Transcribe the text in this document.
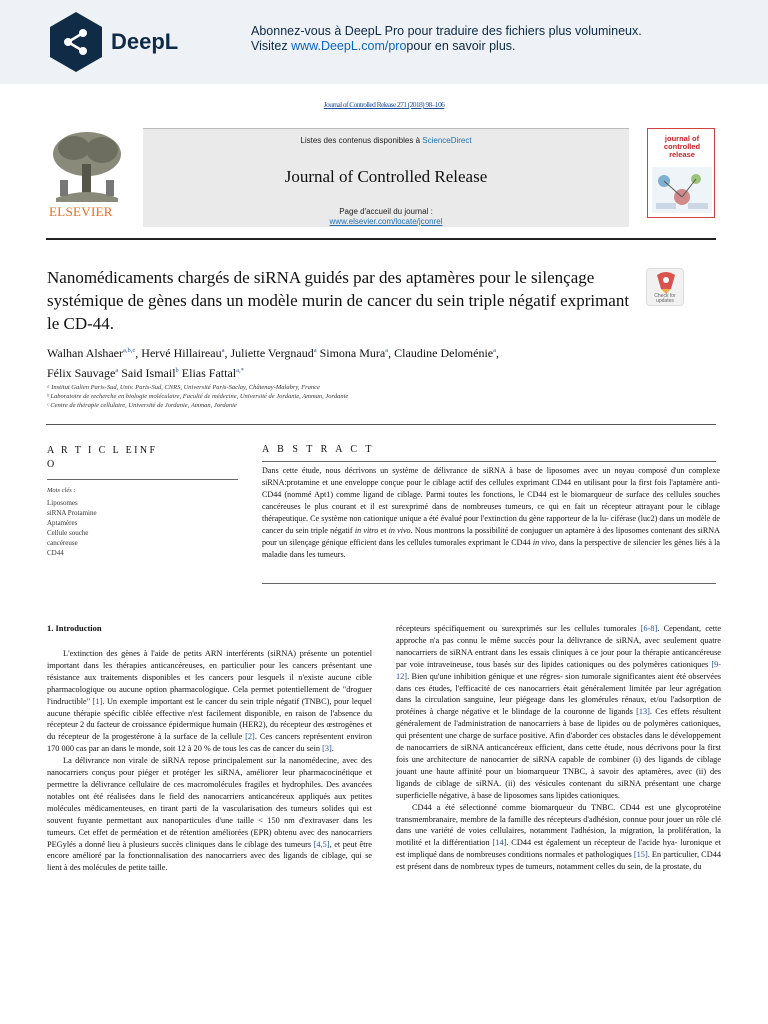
DeepL	Abonnez-vous à DeepL Pro pour traduire des fichiers plus volumineux.
Visitez www.DeepL.com/propour en savoir plus.
Journal of Controlled Release 271 (2018) 98–106
ELSEVIER
Listes des contenus disponibles à ScienceDirect
Journal of Controlled Release
Page d'accueil du journal :
www.elsevier.com/locate/jconrel
journal of controlled release
Nanomédicaments chargés de siRNA guidés par des aptamères pour le silençage systémique de gènes dans un modèle murin de cancer du sein triple négatif exprimant le CD-44.
Check for updates
Walhan Alshaer$^{a,b,c}$, Hervé Hillaireau$^a$, Juliette Vergnaud$^a$ Simona Mura$^a$, Claudine Deloménie$^a$,
Félix Sauvage$^a$ Said Ismail$^b$ Elias Fattal$^{a,*}$
ᵃ Institut Galien Paris-Sud, Univ. Paris-Sud, CNRS, Université Paris-Saclay, Châtenay-Malabry, France
ᵇ Laboratoire de recherche en biologie moléculaire, Faculté de médecine, Université de Jordanie, Amman, Jordanie
ᶜ Centre de thérapie cellulaire, Université de Jordanie, Amman, Jordanie
A R T I C L EINF O
Mots clés :
Liposomes
siRNA Protamine
Aptamères
Cellule souche
cancéreuse
CD44
A B S T R A C T
Dans cette étude, nous décrivons un système de délivrance de siRNA à base de liposomes avec un noyau composé d'un complexe siRNA:protamine et une enveloppe conçue pour le ciblage actif des cellules exprimant CD44 en utilisant pour la first fois l'aptamère anti-CD44 (nommé Apt1) comme ligand de ciblage. Parmi toutes les fonctions, le CD44 est le biomarqueur de surface des cellules souches cancéreuses le plus courant et il est surexprimé dans de nombreuses tumeurs, ce qui en fait un récepteur attrayant pour le ciblage thérapeutique. Ce système non cationique unique a été évalué pour l'extinction du gène rapporteur de la lu- ciférase (luc2) dans un modèle de cancer du sein triple négatif in vitro et in vivo. Nous montrons la possibilité de conjuguer un aptamère à des liposomes contenant des siRNA pour un silençage génique efficient dans les cellules tumorales exprimant le CD44 in vivo, dans la perspective de silencier les gènes liés à la maladie dans les tumeurs.
1. Introduction

L'extinction des gènes à l'aide de petits ARN interférents (siRNA) présente un potentiel important dans les thérapies anticancéreuses, en particulier pour les cancers présentant une résistance aux traitements disponibles et les cancers pour lesquels il n'existe aucune cible pharmacologique ou aucune option pharmacologique. Cela permet potentiellement de "droguer l'indructible" [1]. Un exemple important est le cancer du sein triple négatif (TNBC), pour lequel aucune thérapie spécific ciblée effective n'est facilement disponible, en raison de l'absence du récepteur 2 du facteur de croissance épidermique humain (HER2), du récepteur des œstrogènes et du récepteur de la progestérone à la surface de la cellule [2]. Ces cancers représentent environ 170 000 cas par an dans le monde, soit 12 à 20 % de tous les cas de cancer du sein [3].

La délivrance non virale de siRNA repose principalement sur la nanomédecine, avec des nanocarriers conçus pour piéger et protéger les siRNA, améliorer leur pharmacocinétique et permettre la délivrance cellulaire de ces macromolécules fragiles et hydrophiles. Des avancées notables ont été réalisées dans le field des nanocarriers anticancéreux appliqués aux petites molécules médicamenteuses, en tirant parti de la vascularisation des tumeurs solides qui est souvent fuyante permettant aux nanoparticules d'une taille < 150 nm d'extravaser dans les tumeurs. Cet effet de perméation et de rétention améliorées (EPR) obtenu avec des nanocarriers PEGylés a donné lieu à plusieurs succès cliniques dans le ciblage des tumeurs [4,5], et peut être encore amélioré par la fonctionnalisation des nanocarriers avec des ligands de ciblage, qui se lient à des molécules de petite taille.

récepteurs spécifiquement ou surexprimés sur les cellules tumorales [6-8]. Cependant, cette approche n'a pas connu le même succès pour la délivrance de siRNA, avec seulement quatre nanocarriers de siRNA entrant dans les essais cliniques à ce jour pour la thérapie anticancéreuse par voie intraveineuse, tous basés sur des lipides cationiques ou des polymères cationiques [9-12]. Bien qu'une inhibition génique et une régres- sion tumorale significantes aient été observées dans ces études, l'efficacité de ces nanocarriers était généralement limitée par leur agrégation dans la circulation sanguine, leur piégeage dans les glomérules rénaux, et/ou l'adsorption de protéines à charge négative et le blindage de la couronne de ligands [13]. Ces effets résultent généralement de l'administration de nanocarriers à base de lipides ou de polymères cationiques, qui présentent une charge de surface positive. Afin d'aborder ces obstacles dans le développement de nanocarriers de siRNA anticancéreux efficient, dans cette étude, nous décrivons pour la first fois une architecture de nanocarrier de siRNA capable de combiner (i) des ligands de ciblage jouant une haute affinité pour un biomarqueur TNBC, à savoir des aptamères, avec (ii) des ligands de ciblage de siRNA. (ii) des vésicules contenant du siRNA présentant une charge superficielle négative, à base de liposomes sans lipides cationiques.

CD44 a été sélectionné comme biomarqueur du TNBC. CD44 est une glycoprotéine transmembranaire, membre de la famille des récepteurs d'adhésion, connue pour jouer un rôle clé dans une variété de voies cellulaires, notamment l'adhésion, la migration, la prolifération, la motilité et la différentiation [14]. CD44 est également un récepteur de l'acide hya- luronique et est impliqué dans de nombreuses conditions normales et pathologiques [15]. En particulier, CD44 est présent dans de nombreux types de tumeurs, notamment celles du sein, de la prostate, du
